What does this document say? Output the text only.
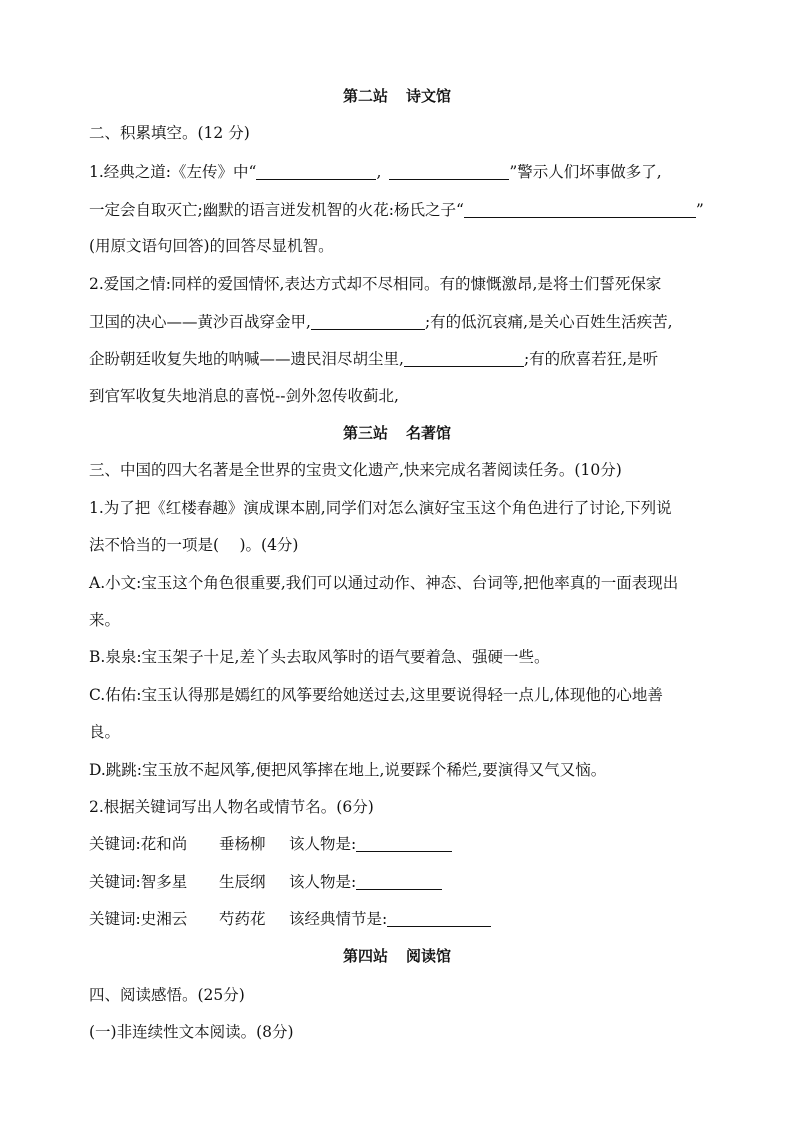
第二站 诗文馆
二、积累填空。(12 分)
1.经典之道:《左传》中“	,	”警示人们坏事做多了,
一定会自取灭亡;幽默的语言迸发机智的火花:杨氏之子“	”
(用原文语句回答)的回答尽显机智。
2.爱国之情:同样的爱国情怀,表达方式却不尽相同。有的慷慨激昂,是将士们誓死保家
卫国的决心——黄沙百战穿金甲,	;有的低沉哀痛,是关心百姓生活疾苦,
企盼朝廷收复失地的呐喊——遗民泪尽胡尘里,	;有的欣喜若狂,是听
到官军收复失地消息的喜悦--剑外忽传收蓟北,
第三站 名著馆
三、中国的四大名著是全世界的宝贵文化遗产,快来完成名著阅读任务。(10分)
1.为了把《红楼春趣》演成课本剧,同学们对怎么演好宝玉这个角色进行了讨论,下列说
法不恰当的一项是(　 )。(4分)
A.小文:宝玉这个角色很重要,我们可以通过动作、神态、台词等,把他率真的一面表现出
来。
B.泉泉:宝玉架子十足,差丫头去取风筝时的语气要着急、强硬一些。
C.佑佑:宝玉认得那是嫣红的风筝要给她送过去,这里要说得轻一点儿,体现他的心地善
良。
D.跳跳:宝玉放不起风筝,便把风筝摔在地上,说要踩个稀烂,要演得又气又恼。
2.根据关键词写出人物名或情节名。(6分)
关键词:花和尚 垂杨柳 该人物是:
关键词:智多星 生辰纲 该人物是:
关键词:史湘云 芍药花 该经典情节是:
第四站 阅读馆
四、阅读感悟。(25分)
(一)非连续性文本阅读。(8分)
